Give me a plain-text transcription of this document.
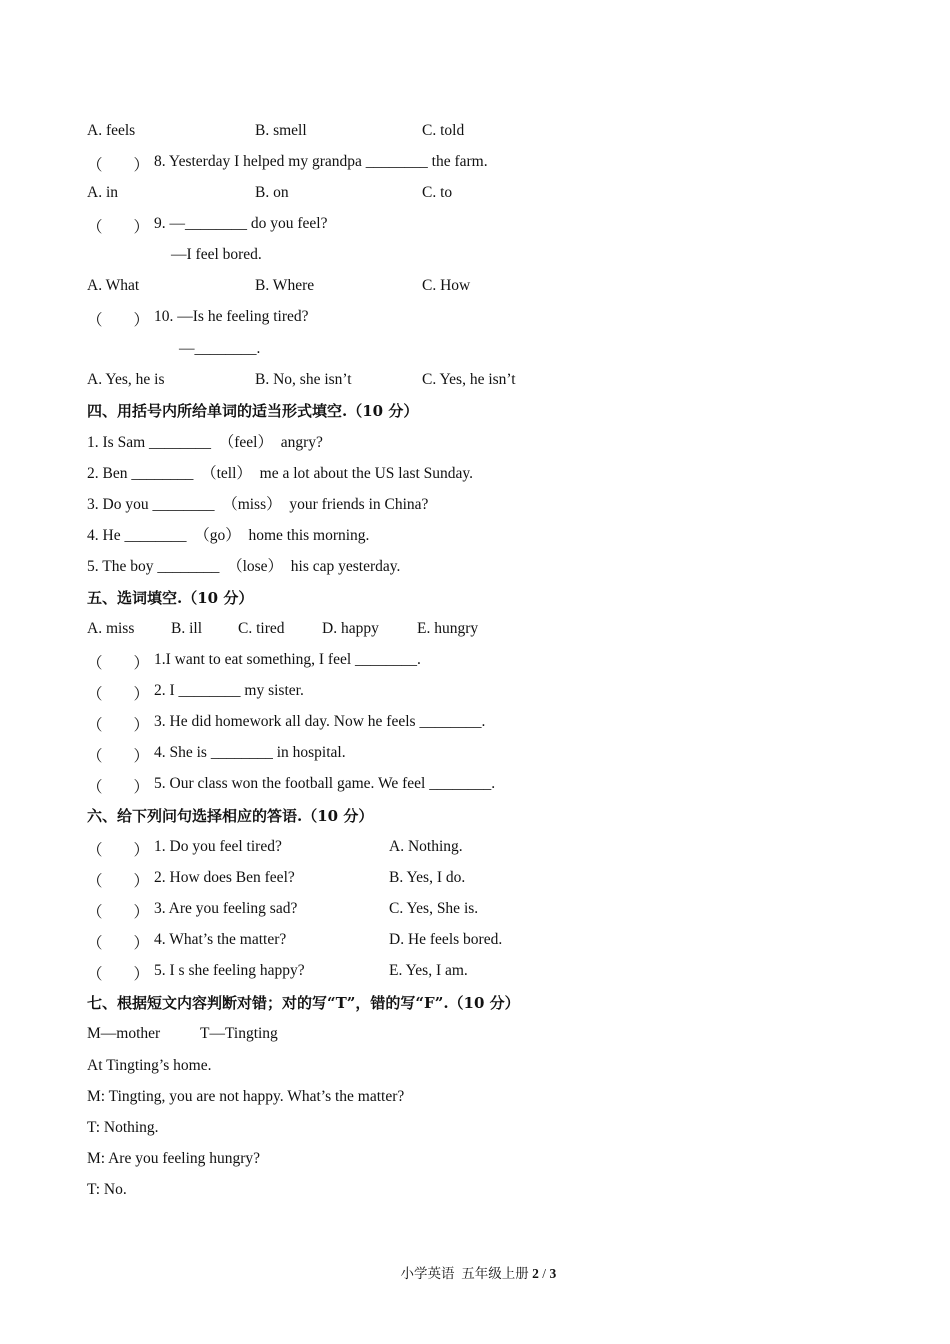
A. feels	B. smell	C. told
（        ） 8. Yesterday I helped my grandpa ________ the farm.
A. in	B. on	C. to
（        ） 9. —________ do you feel?
—I feel bored.
A. What	B. Where	C. How
（        ） 10. —Is he feeling tired?
—________.
A. Yes, he is	B. No, she isn’t	C. Yes, he isn’t
四、用括号内所给单词的适当形式填空.（10 分）
1. Is Sam ________  （feel）  angry?
2. Ben ________  （tell）  me a lot about the US last Sunday.
3. Do you ________  （miss）  your friends in China?
4. He ________  （go）  home this morning.
5. The boy ________  （lose）  his cap yesterday.
五、选词填空.（10 分）
A. miss B. ill C. tired D. happy E. hungry
（        ） 1.I want to eat something, I feel ________.
（        ） 2. I ________ my sister.
（        ） 3. He did homework all day. Now he feels ________.
（        ） 4. She is ________ in hospital.
（        ） 5. Our class won the football game. We feel ________.
六、给下列问句选择相应的答语.（10 分）
（        ） 1. Do you feel tired?	A. Nothing.
（        ） 2. How does Ben feel?	B. Yes, I do.
（        ） 3. Are you feeling sad?	C. Yes, She is.
（        ） 4. What’s the matter?	D. He feels bored.
（        ） 5. I s she feeling happy?	E. Yes, I am.
七、根据短文内容判断对错；对的写“T”，错的写“F”.（10 分）
M—mother	T—Tingting
At Tingting’s home.
M: Tingting, you are not happy. What’s the matter?
T: Nothing.
M: Are you feeling hungry?
T: No.

小学英语  五年级上册 2 / 3
